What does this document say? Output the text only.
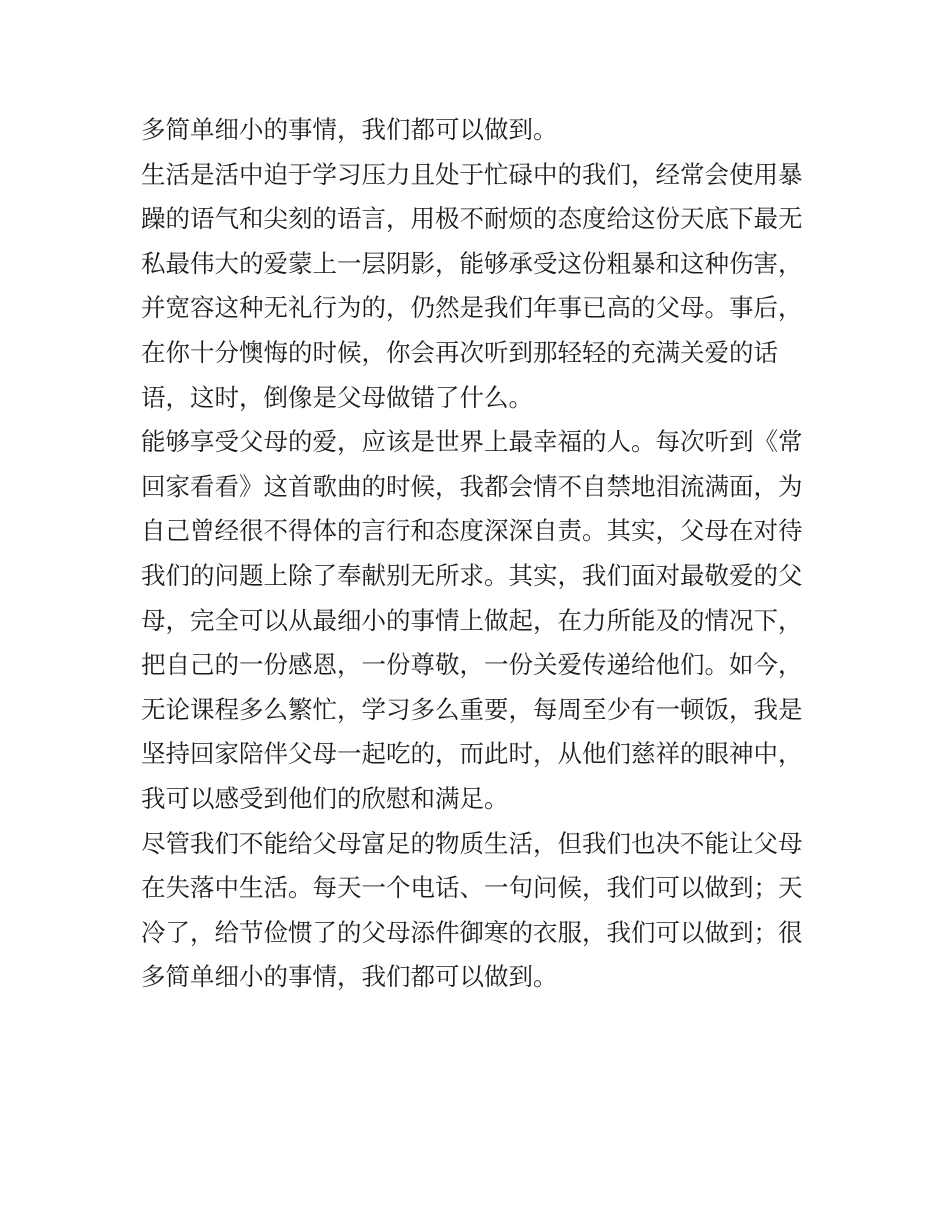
多简单细小的事情，我们都可以做到。
生活是活中迫于学习压力且处于忙碌中的我们，经常会使用暴
躁的语气和尖刻的语言，用极不耐烦的态度给这份天底下最无
私最伟大的爱蒙上一层阴影，能够承受这份粗暴和这种伤害，
并宽容这种无礼行为的，仍然是我们年事已高的父母。事后，
在你十分懊悔的时候，你会再次听到那轻轻的充满关爱的话
语，这时，倒像是父母做错了什么。
能够享受父母的爱，应该是世界上最幸福的人。每次听到《常
回家看看》这首歌曲的时候，我都会情不自禁地泪流满面，为
自己曾经很不得体的言行和态度深深自责。其实，父母在对待
我们的问题上除了奉献别无所求。其实，我们面对最敬爱的父
母，完全可以从最细小的事情上做起，在力所能及的情况下，
把自己的一份感恩，一份尊敬，一份关爱传递给他们。如今，
无论课程多么繁忙，学习多么重要，每周至少有一顿饭，我是
坚持回家陪伴父母一起吃的，而此时，从他们慈祥的眼神中，
我可以感受到他们的欣慰和满足。
尽管我们不能给父母富足的物质生活，但我们也决不能让父母
在失落中生活。每天一个电话、一句问候，我们可以做到；天
冷了，给节俭惯了的父母添件御寒的衣服，我们可以做到；很
多简单细小的事情，我们都可以做到。
